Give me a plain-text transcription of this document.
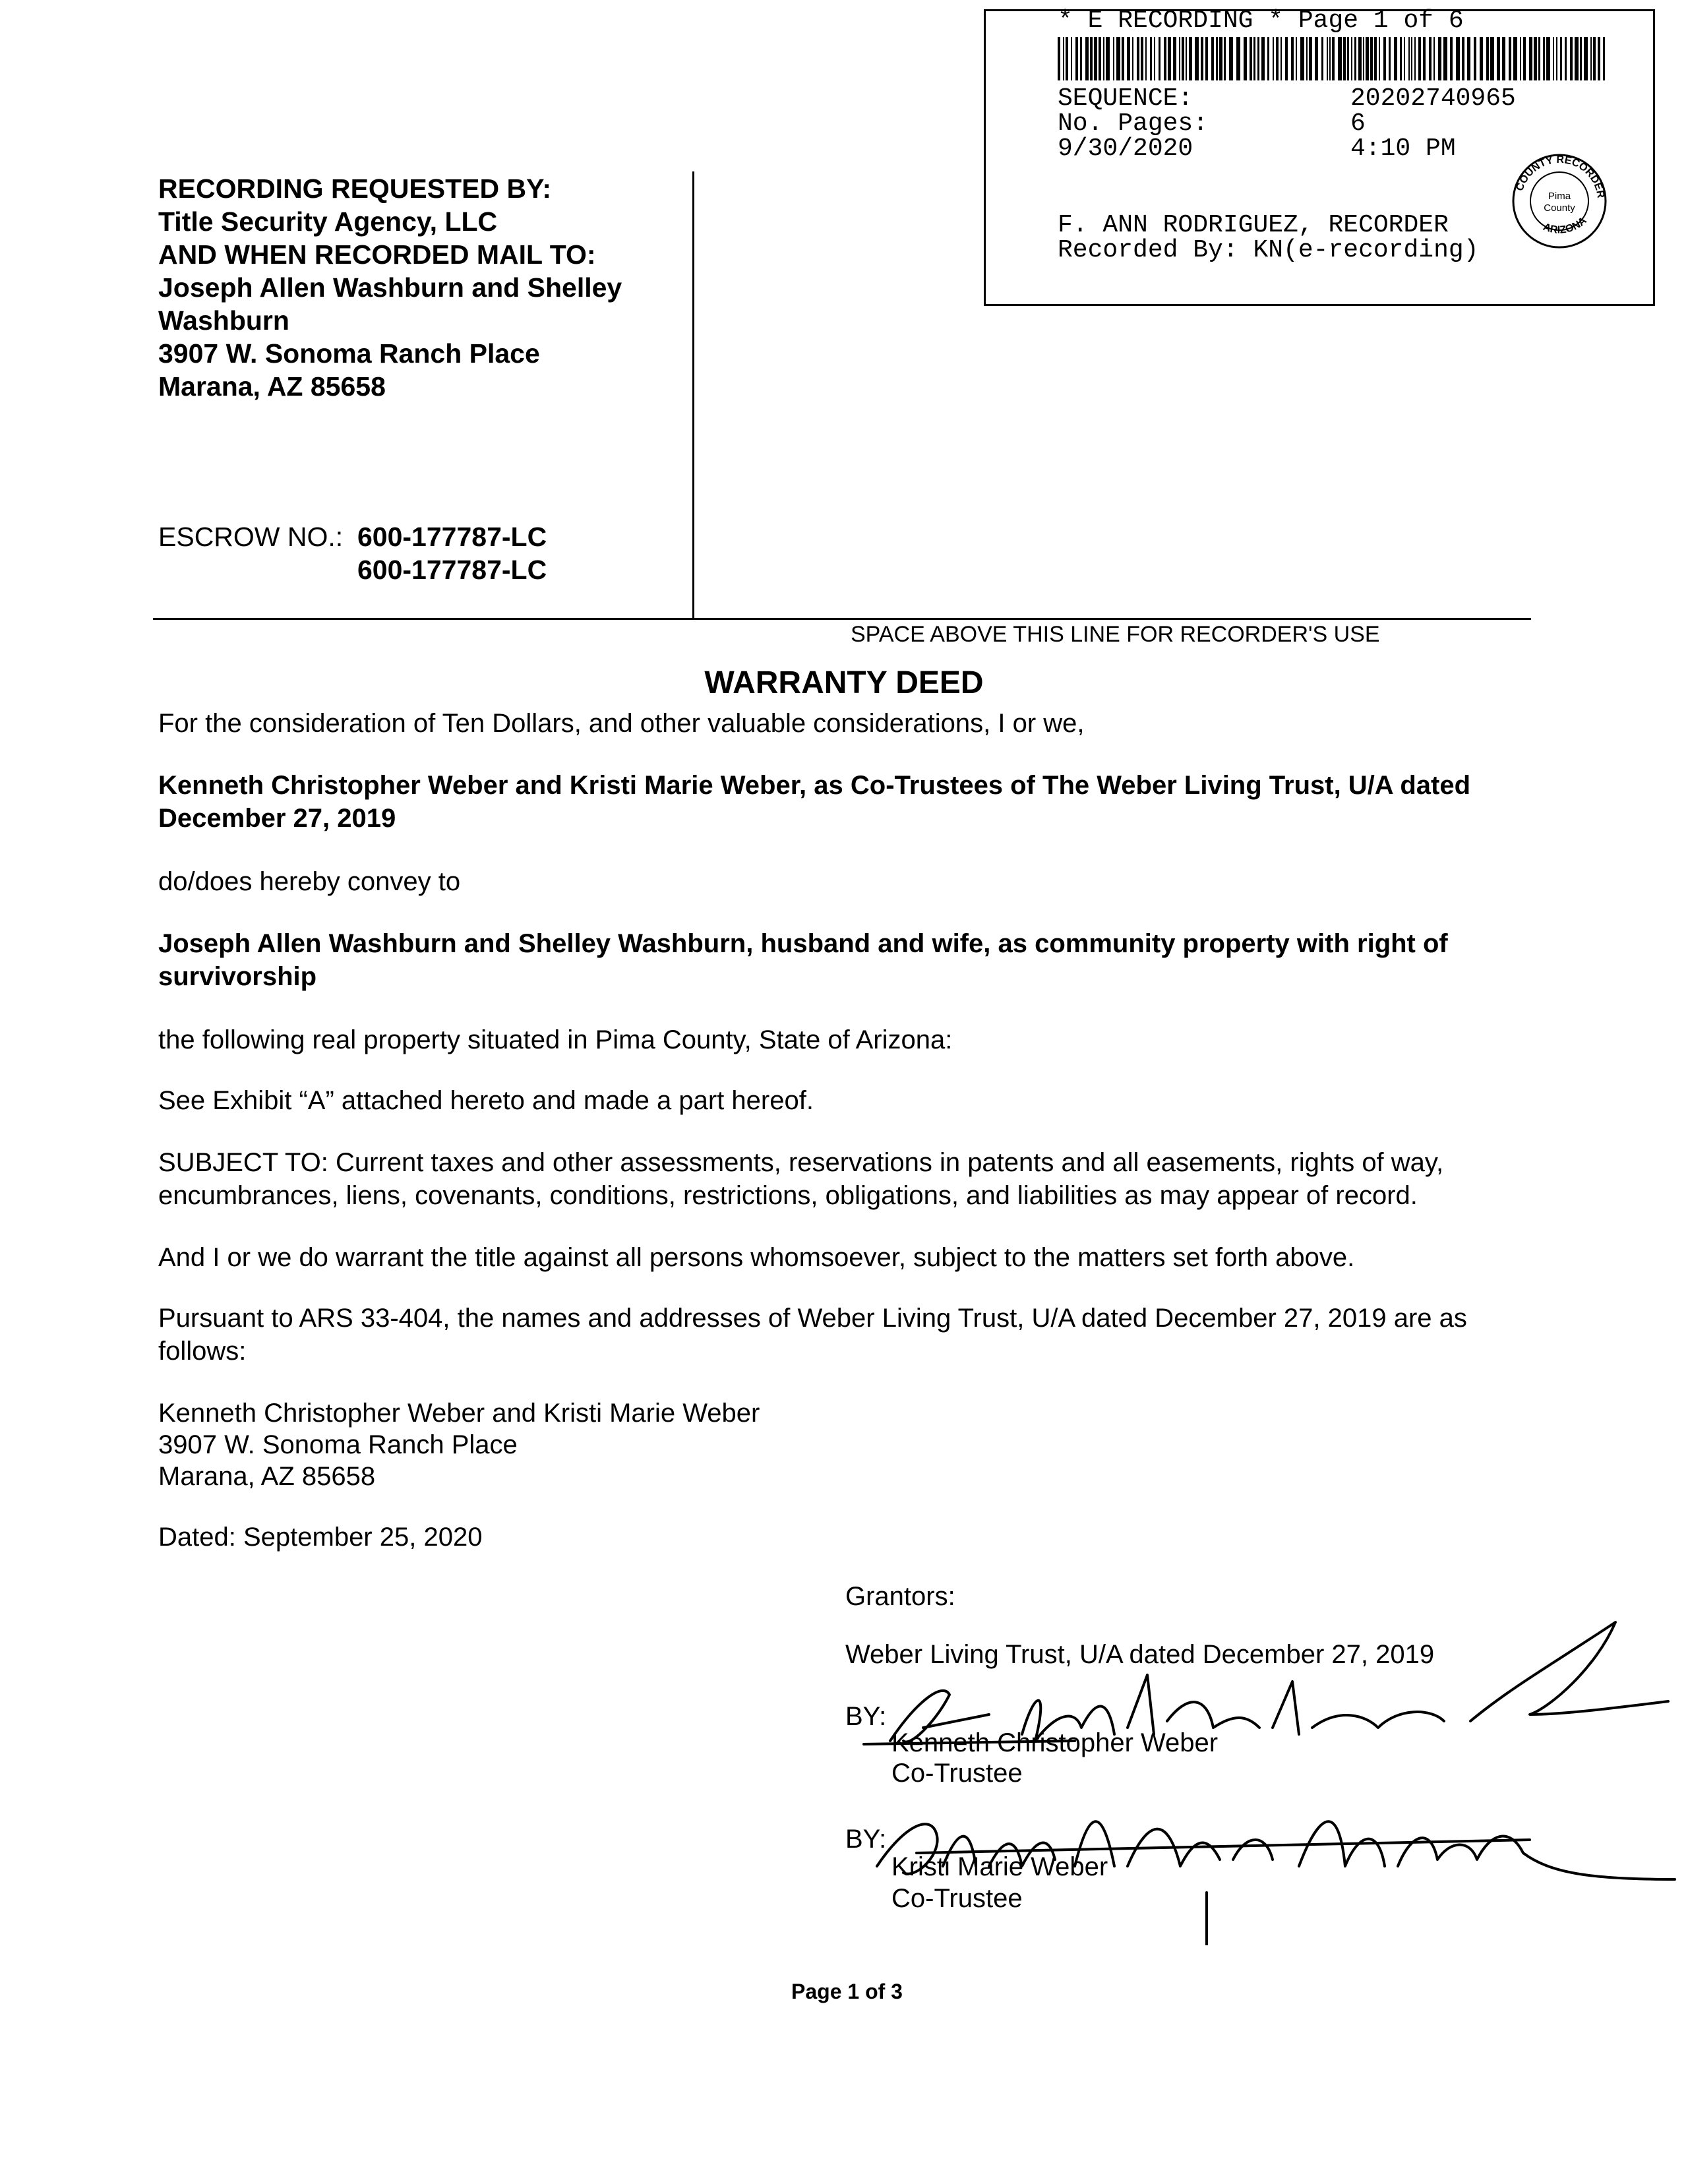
* E RECORDING * Page 1 of 6
SEQUENCE:	20202740965
No. Pages:	6
9/30/2020	4:10 PM
F. ANN RODRIGUEZ, RECORDER
Recorded By: KN(e-recording)
COUNTY RECORDER
ARIZONA
Pima
County
RECORDING REQUESTED BY:
Title Security Agency, LLC
AND WHEN RECORDED MAIL TO:
Joseph Allen Washburn and Shelley
Washburn
3907 W. Sonoma Ranch Place
Marana, AZ 85658
ESCROW NO.: 600-177787-LC
600-177787-LC
SPACE ABOVE THIS LINE FOR RECORDER'S USE
WARRANTY DEED
For the consideration of Ten Dollars, and other valuable considerations, I or we,
Kenneth Christopher Weber and Kristi Marie Weber, as Co-Trustees of The Weber Living Trust, U/A dated
December 27, 2019
do/does hereby convey to
Joseph Allen Washburn and Shelley Washburn, husband and wife, as community property with right of
survivorship
the following real property situated in Pima County, State of Arizona:
See Exhibit “A” attached hereto and made a part hereof.
SUBJECT TO: Current taxes and other assessments, reservations in patents and all easements, rights of way,
encumbrances, liens, covenants, conditions, restrictions, obligations, and liabilities as may appear of record.
And I or we do warrant the title against all persons whomsoever, subject to the matters set forth above.
Pursuant to ARS 33-404, the names and addresses of Weber Living Trust, U/A dated December 27, 2019 are as
follows:
Kenneth Christopher Weber and Kristi Marie Weber
3907 W. Sonoma Ranch Place
Marana, AZ 85658
Dated: September 25, 2020
Grantors:
Weber Living Trust, U/A dated December 27, 2019
BY:
Kenneth Christopher Weber
Co-Trustee
BY:
Kristi Marie Weber
Co-Trustee
Page 1 of 3
